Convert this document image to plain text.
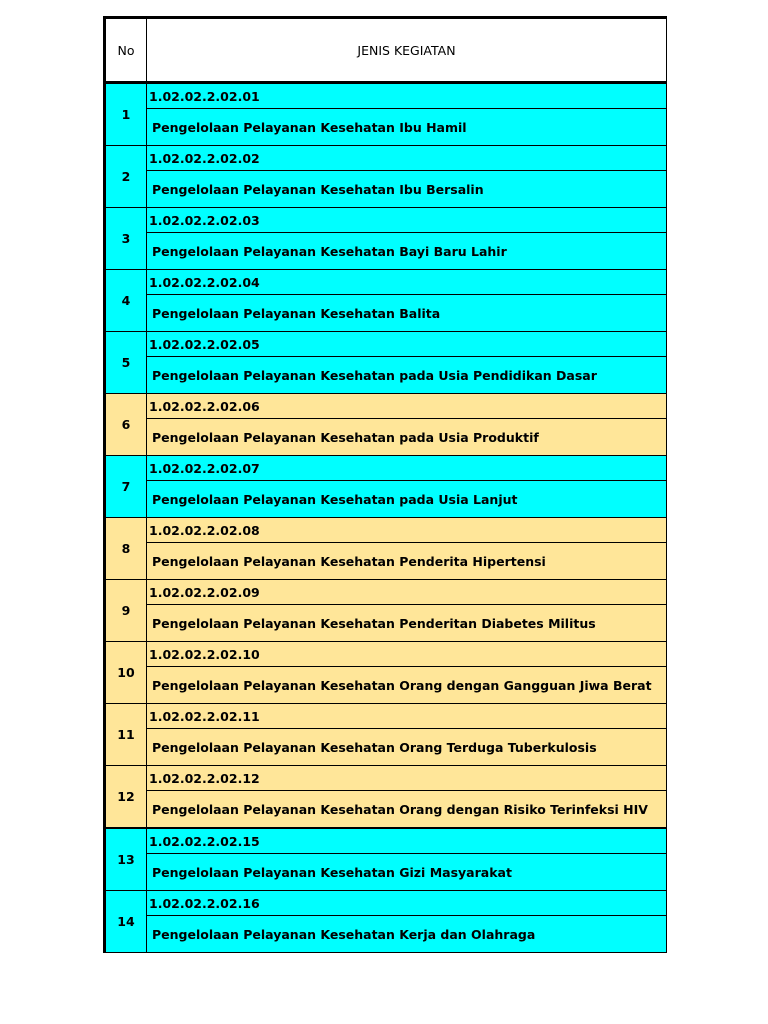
No	JENIS KEGIATAN
1	1.02.02.2.02.01
	Pengelolaan Pelayanan Kesehatan Ibu Hamil
2	1.02.02.2.02.02
	Pengelolaan Pelayanan Kesehatan Ibu Bersalin
3	1.02.02.2.02.03
	Pengelolaan Pelayanan Kesehatan Bayi Baru Lahir
4	1.02.02.2.02.04
	Pengelolaan Pelayanan Kesehatan Balita
5	1.02.02.2.02.05
	Pengelolaan Pelayanan Kesehatan pada Usia Pendidikan Dasar
6	1.02.02.2.02.06
	Pengelolaan Pelayanan Kesehatan pada Usia Produktif
7	1.02.02.2.02.07
	Pengelolaan Pelayanan Kesehatan pada Usia Lanjut
8	1.02.02.2.02.08
	Pengelolaan Pelayanan Kesehatan Penderita Hipertensi
9	1.02.02.2.02.09
	Pengelolaan Pelayanan Kesehatan Penderitan Diabetes Militus
10	1.02.02.2.02.10
	Pengelolaan Pelayanan Kesehatan Orang dengan Gangguan Jiwa Berat
11	1.02.02.2.02.11
	Pengelolaan Pelayanan Kesehatan Orang Terduga Tuberkulosis
12	1.02.02.2.02.12
	Pengelolaan Pelayanan Kesehatan Orang dengan Risiko Terinfeksi HIV
13	1.02.02.2.02.15
	Pengelolaan Pelayanan Kesehatan Gizi Masyarakat
14	1.02.02.2.02.16
	Pengelolaan Pelayanan Kesehatan Kerja dan Olahraga
